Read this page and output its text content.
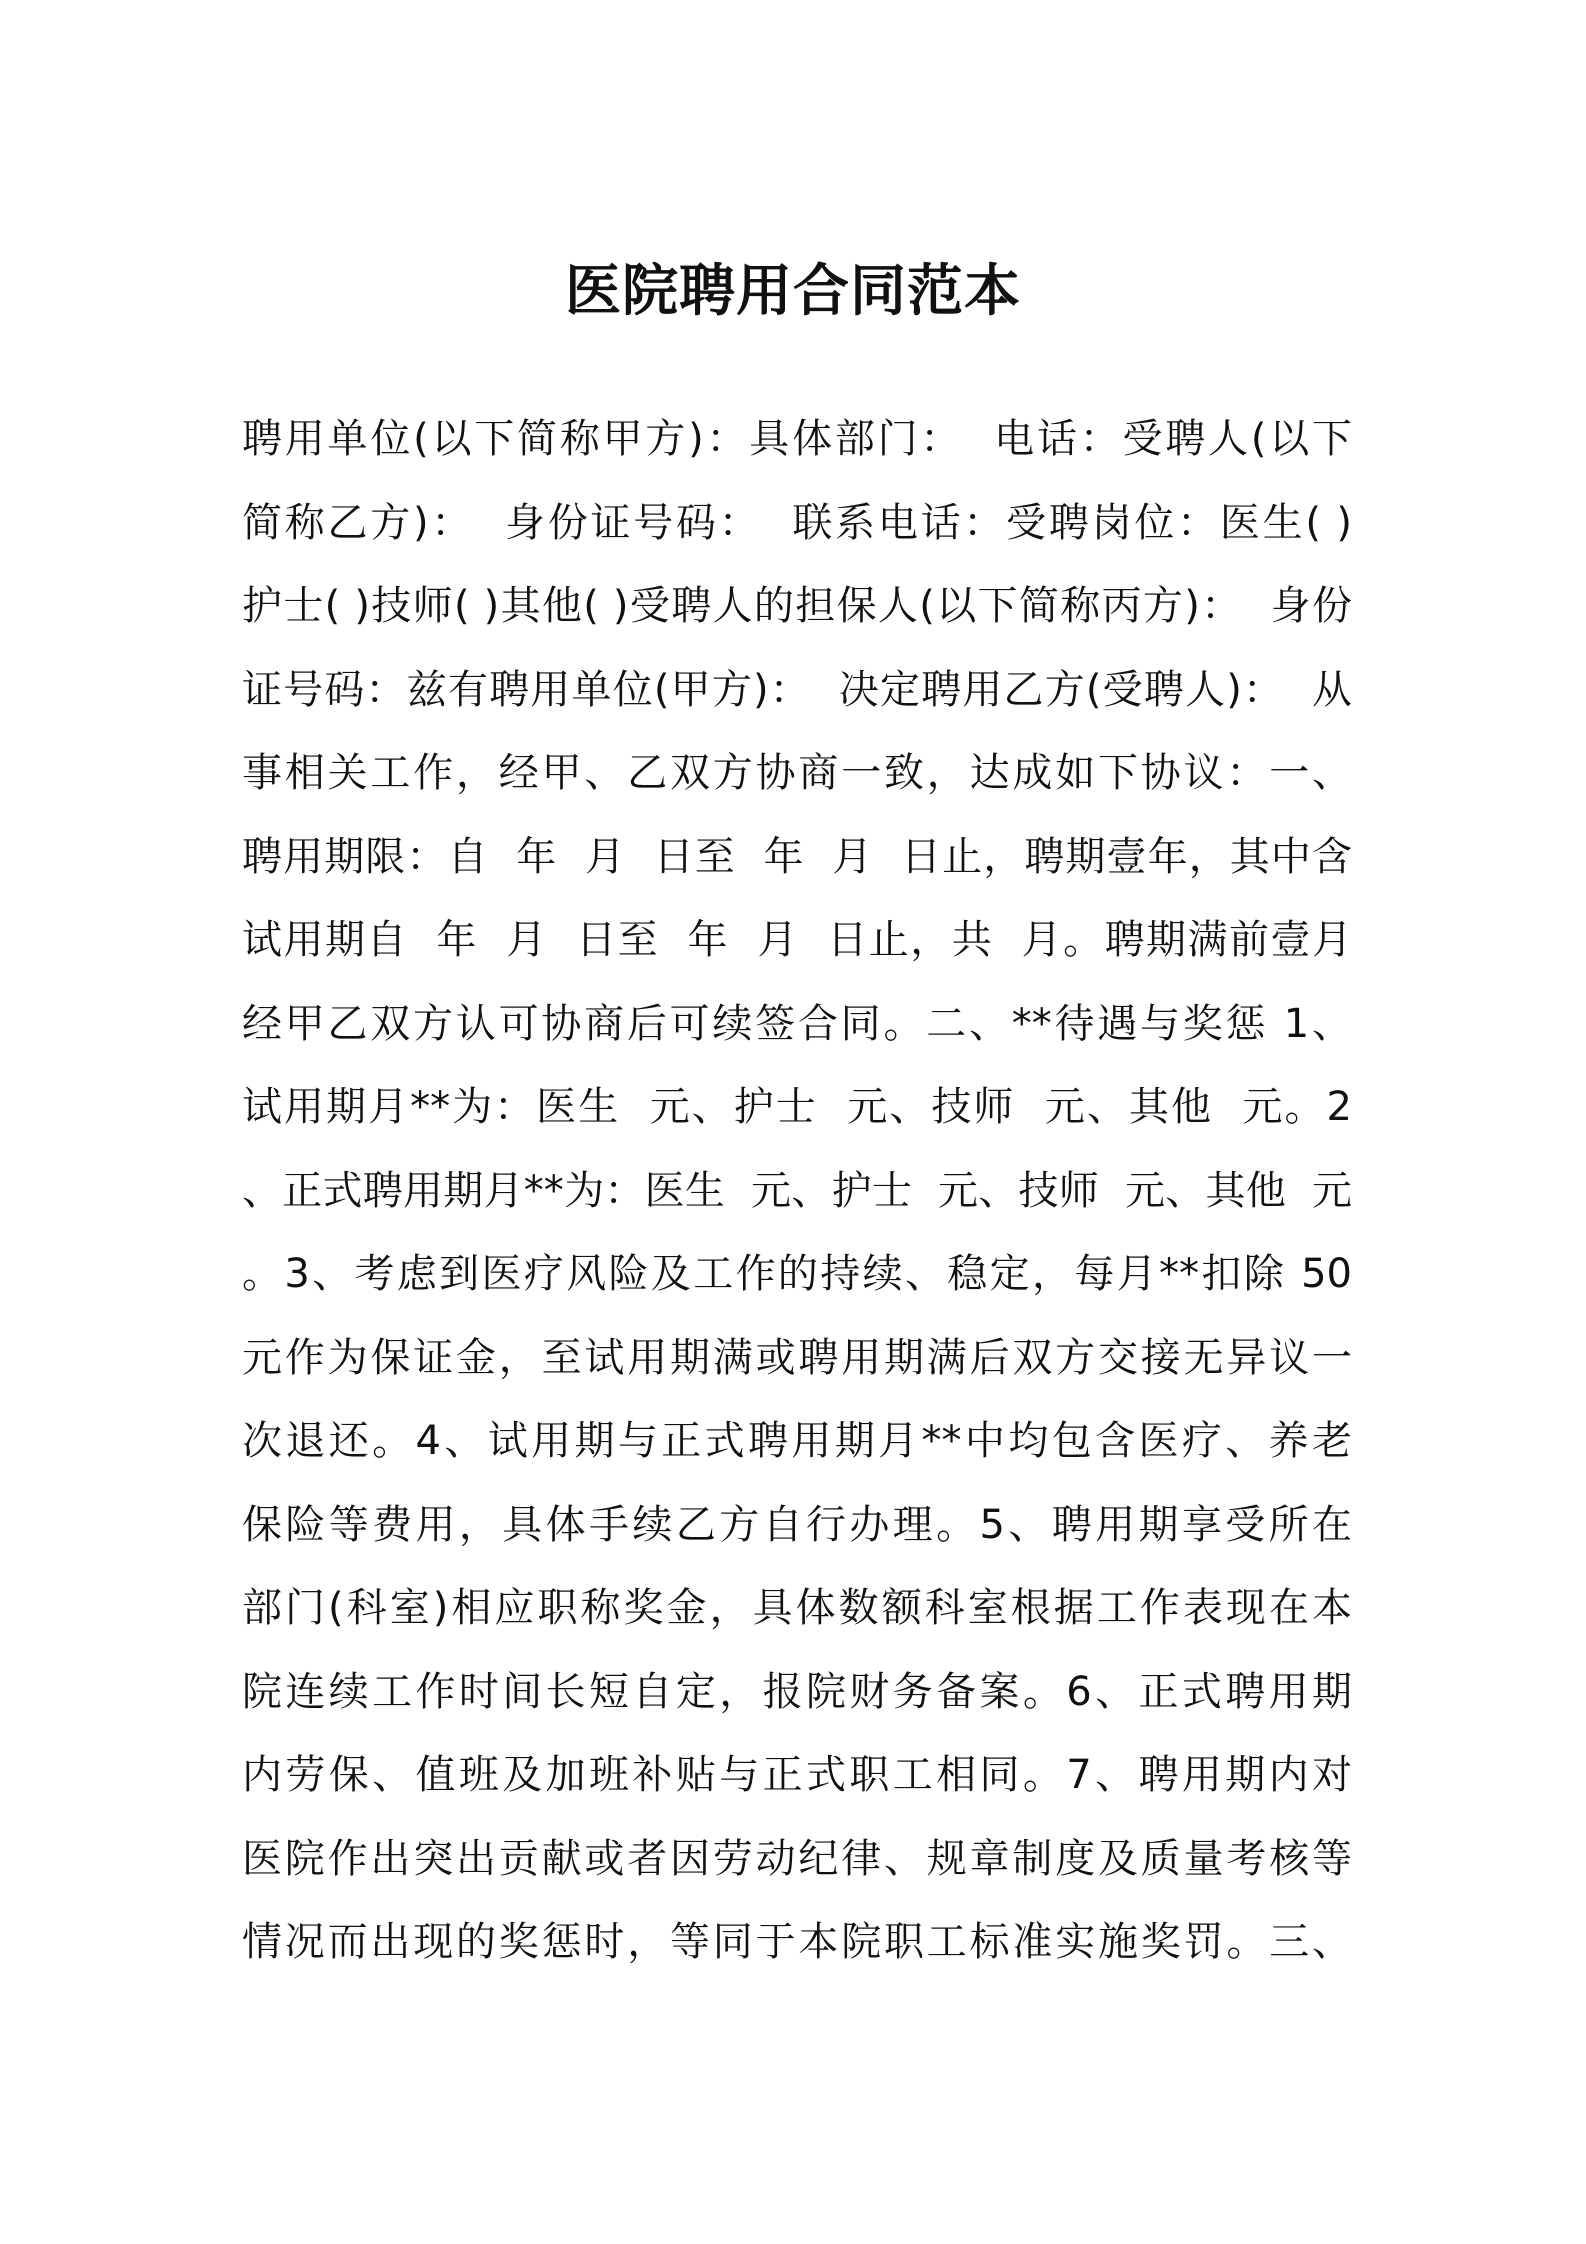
医院聘用合同范本
聘用单位(以下简称甲方)：具体部门：  电话：受聘人(以下
简称乙方)：  身份证号码：  联系电话：受聘岗位：医生( )
护士( )技师( )其他( )受聘人的担保人(以下简称丙方)：  身份
证号码：兹有聘用单位(甲方)：  决定聘用乙方(受聘人)：  从
事相关工作，经甲、乙双方协商一致，达成如下协议：一、
聘用期限：自  年  月  日至  年  月  日止，聘期壹年，其中含
试用期自  年  月  日至  年  月  日止，共  月。聘期满前壹月
经甲乙双方认可协商后可续签合同。二、**待遇与奖惩 1、
试用期月**为：医生  元、护士  元、技师  元、其他  元。2
、正式聘用期月**为：医生  元、护士  元、技师  元、其他  元
。3、考虑到医疗风险及工作的持续、稳定，每月**扣除 50
元作为保证金，至试用期满或聘用期满后双方交接无异议一
次退还。4、试用期与正式聘用期月**中均包含医疗、养老
保险等费用，具体手续乙方自行办理。5、聘用期享受所在
部门(科室)相应职称奖金，具体数额科室根据工作表现在本
院连续工作时间长短自定，报院财务备案。6、正式聘用期
内劳保、值班及加班补贴与正式职工相同。7、聘用期内对
医院作出突出贡献或者因劳动纪律、规章制度及质量考核等
情况而出现的奖惩时，等同于本院职工标准实施奖罚。三、
